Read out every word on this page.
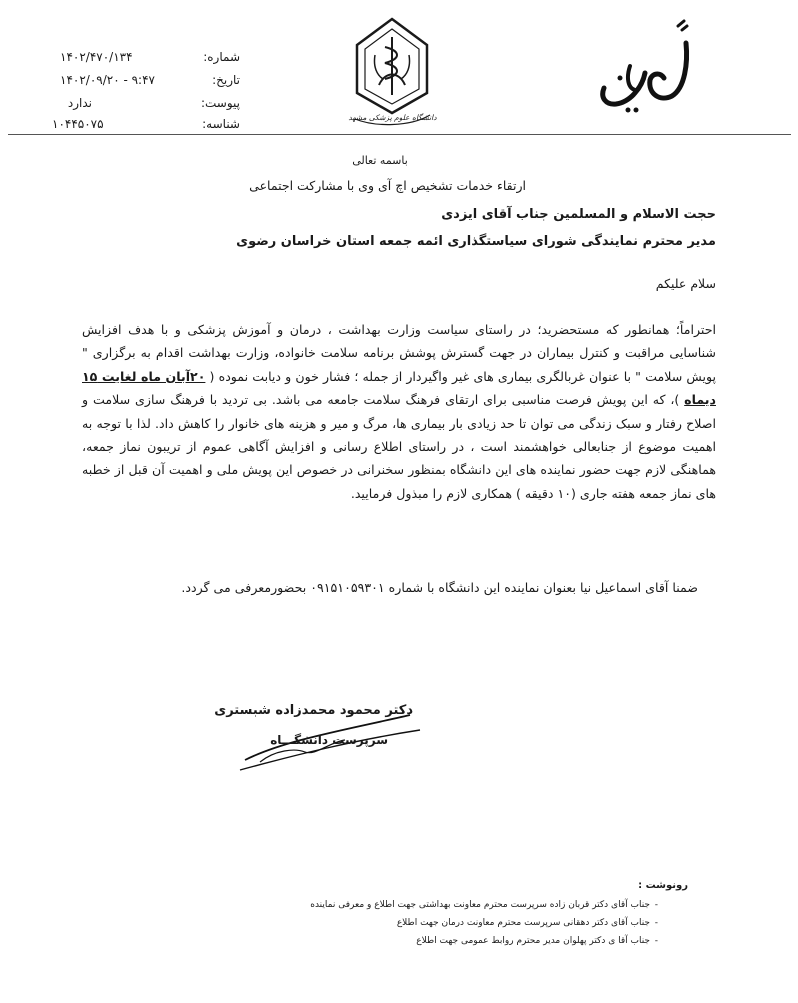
دانشگاه علوم پزشکی مشهد
شماره:
۱۴۰۲/۴۷۰/۱۳۴
تاریخ:
۱۴۰۲/۰۹/۲۰ - ۹:۴۷
پیوست:
ندارد
شناسه:
۱۰۴۴۵۰۷۵
باسمه تعالی
ارتقاء خدمات تشخیص اچ آی وی با مشارکت اجتماعی
حجت الاسلام و المسلمین جناب آقای ایزدی
مدیر محترم نمایندگی شورای سیاستگذاری ائمه جمعه استان خراسان رضوی
سلام علیکم
احتراماً؛ همانطور که مستحضرید؛ در راستای سیاست وزارت بهداشت ، درمان و آموزش پزشکی و با هدف افزایش شناسایی مراقبت و کنترل بیماران در جهت گسترش پوشش برنامه سلامت خانواده، وزارت بهداشت اقدام به برگزاری " پویش سلامت " با عنوان غربالگری بیماری های غیر واگیردار از جمله ؛ فشار خون و دیابت نموده ( ۲۰آبان ماه لغایت ۱۵ دیماه )، که این پویش فرصت مناسبی برای ارتقای فرهنگ سلامت جامعه می باشد. بی تردید با فرهنگ سازی سلامت و اصلاح رفتار و سبک زندگی می توان تا حد زیادی بار بیماری ها، مرگ و میر و هزینه های خانوار را کاهش داد. لذا با توجه به اهمیت موضوع از جنابعالی خواهشمند است ، در راستای اطلاع رسانی و افزایش آگاهی عموم از تریبون نماز جمعه، هماهنگی لازم جهت حضور نماینده های این دانشگاه بمنظور سخنرانی در خصوص این پویش ملی و اهمیت آن قبل از خطبه های نماز جمعه هفته جاری (۱۰ دقیقه ) همکاری لازم را مبذول فرمایید.
ضمنا آقای اسماعیل نیا بعنوان نماینده این دانشگاه با شماره ۰۹۱۵۱۰۵۹۳۰۱ بحضورمعرفی می گردد.
دکتر محمود محمدزاده شبستری
سرپرست دانشگـــاه
رونوشت :
-
جناب آقای دکتر قربان زاده سرپرست محترم معاونت بهداشتی جهت اطلاع و معرفی نماینده
-
جناب آقای دکتر دهقانی سرپرست محترم معاونت درمان جهت اطلاع
-
جناب آقا ی دکتر پهلوان مدیر محترم روابط عمومی جهت اطلاع
